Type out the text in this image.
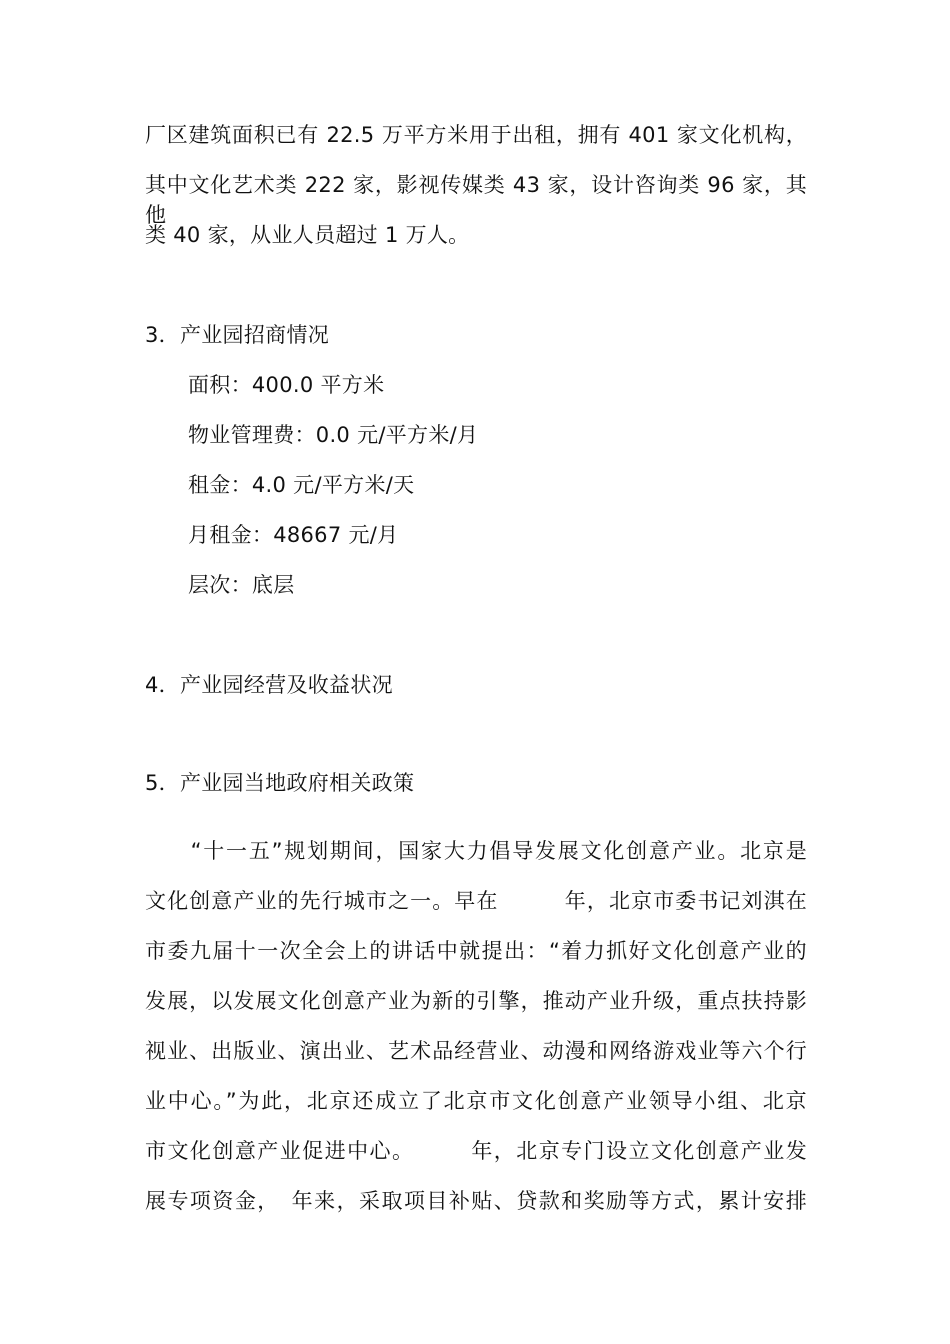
厂区建筑面积已有 22.5 万平方米用于出租，拥有 401 家文化机构，
其中文化艺术类 222 家，影视传媒类 43 家，设计咨询类 96 家，其他
类 40 家，从业人员超过 1 万人。
3．产业园招商情况
面积：400.0 平方米
物业管理费：0.0 元/平方米/月
租金：4.0 元/平方米/天
月租金：48667 元/月
层次：底层
4．产业园经营及收益状况
5．产业园当地政府相关政策
　　“十一五”规划期间，国家大力倡导发展文化创意产业。北京是
文化创意产业的先行城市之一。早在　　　年，北京市委书记刘淇在
市委九届十一次全会上的讲话中就提出：“着力抓好文化创意产业的
发展，以发展文化创意产业为新的引擎，推动产业升级，重点扶持影
视业、出版业、演出业、艺术品经营业、动漫和网络游戏业等六个行
业中心。”为此，北京还成立了北京市文化创意产业领导小组、北京
市文化创意产业促进中心。　　　年，北京专门设立文化创意产业发
展专项资金，　年来，采取项目补贴、贷款和奖励等方式，累计安排
